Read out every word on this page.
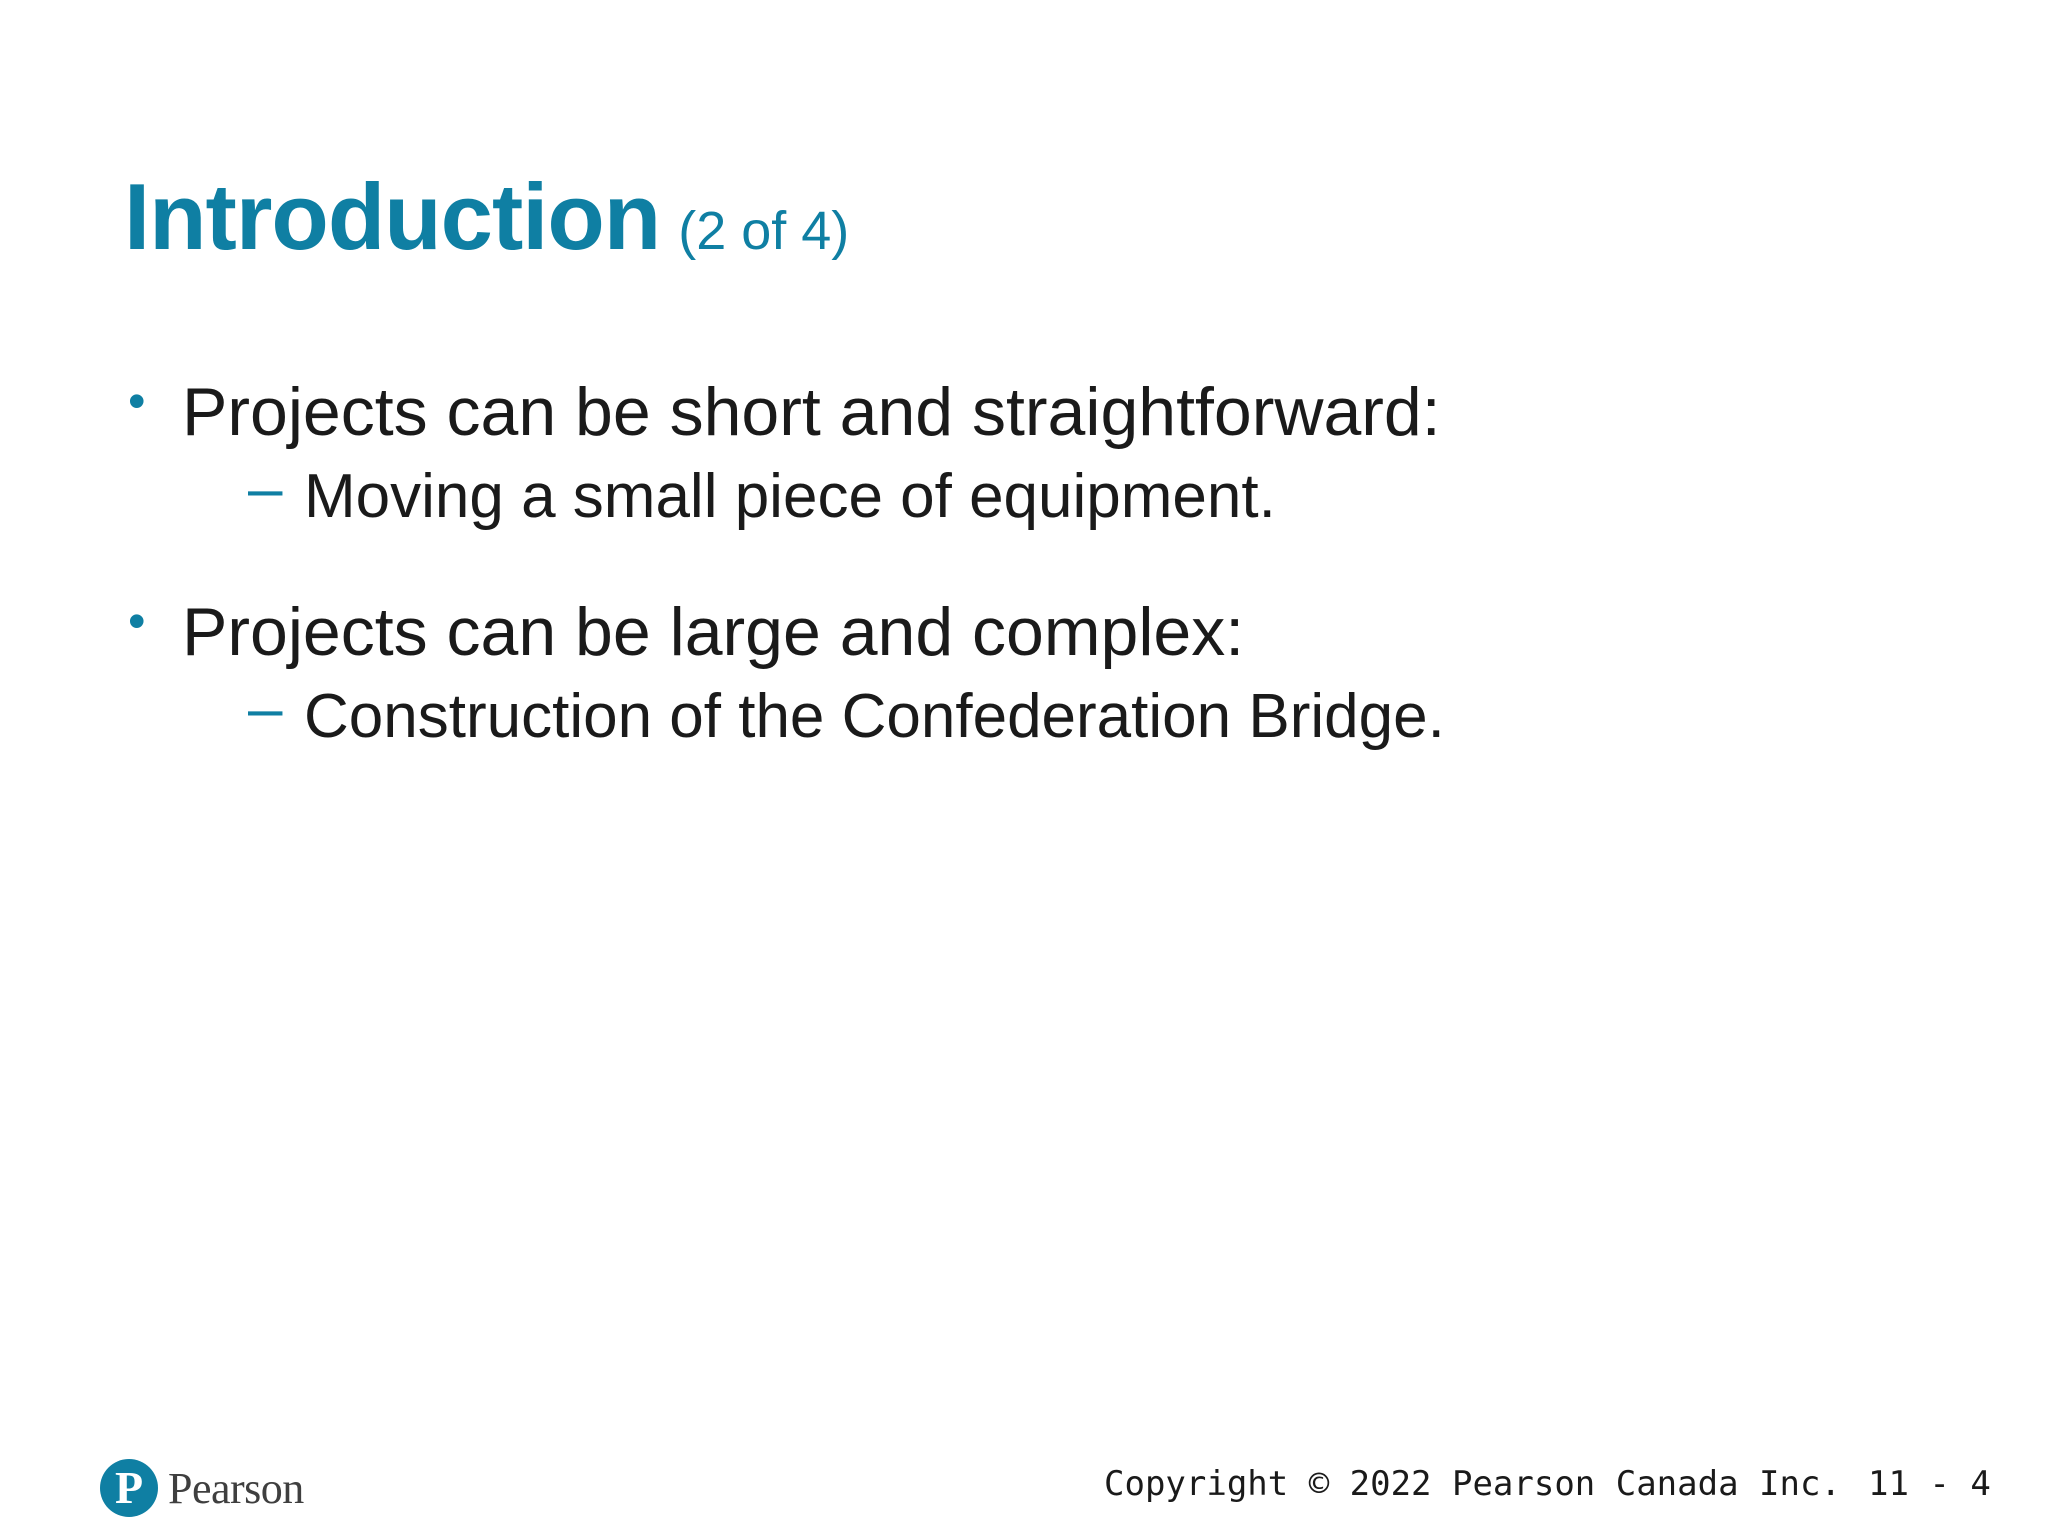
Introduction (2 of 4)
• Projects can be short and straightforward:
– Moving a small piece of equipment.
• Projects can be large and complex:
– Construction of the Confederation Bridge.
P Pearson	Copyright © 2022 Pearson Canada Inc. 11 - 4
